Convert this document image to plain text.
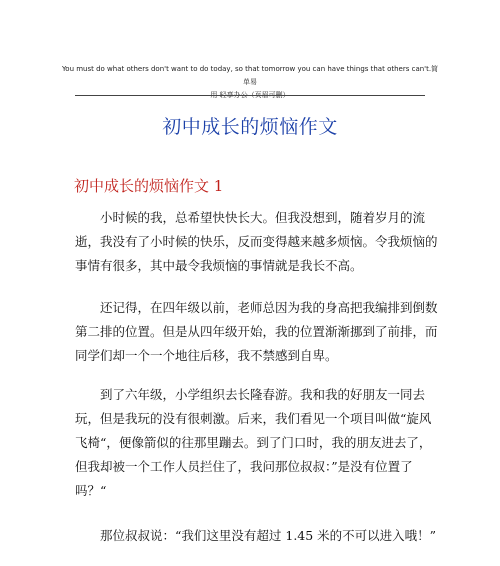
You must do what others don't want to do today, so that tomorrow you can have things that others can't.简单易
用 轻享办公（页眉可删）
初中成长的烦恼作文
初中成长的烦恼作文 1

小时候的我，总希望快快长大。但我没想到，随着岁月的流逝，我没有了小时候的快乐，反而变得越来越多烦恼。令我烦恼的事情有很多，其中最令我烦恼的事情就是我长不高。

还记得，在四年级以前，老师总因为我的身高把我编排到倒数第二排的位置。但是从四年级开始，我的位置渐渐挪到了前排，而同学们却一个一个地往后移，我不禁感到自卑。

到了六年级，小学组织去长隆春游。我和我的好朋友一同去玩，但是我玩的没有很刺激。后来，我们看见一个项目叫做“旋风飞椅“，便像箭似的往那里蹦去。到了门口时，我的朋友进去了，但我却被一个工作人员拦住了，我问那位叔叔：”是没有位置了吗？“

那位叔叔说：“我们这里没有超过 1.45 米的不可以进入哦！”
